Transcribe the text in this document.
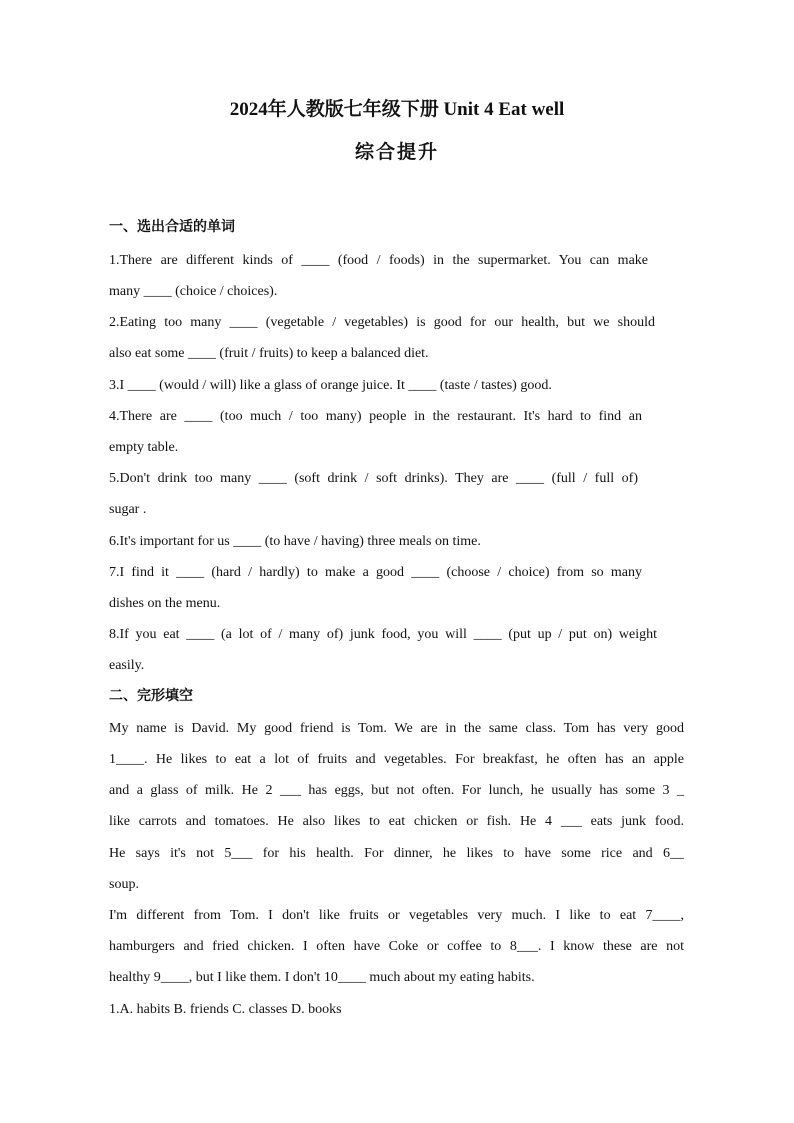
2024年人教版七年级下册 Unit 4 Eat well
综合提升
一、选出合适的单词
1.There are different kinds of ____ (food / foods) in the supermarket. You can make
many ____ (choice / choices).
2.Eating too many ____ (vegetable / vegetables) is good for our health, but we should
also eat some ____ (fruit / fruits) to keep a balanced diet.
3.I ____ (would / will) like a glass of orange juice. It ____ (taste / tastes) good.
4.There are ____ (too much / too many) people in the restaurant. It's hard to find an
empty table.
5.Don't drink too many ____ (soft drink / soft drinks). They are ____ (full / full of)
sugar .
6.It's important for us ____ (to have / having) three meals on time.
7.I find it ____ (hard / hardly) to make a good ____ (choose / choice) from so many
dishes on the menu.
8.If you eat ____ (a lot of / many of) junk food, you will ____ (put up / put on) weight
easily.
二、完形填空
My name is David. My good friend is Tom. We are in the same class. Tom has very good
1____. He likes to eat a lot of fruits and vegetables. For breakfast, he often has an apple
and a glass of milk. He 2 ___ has eggs, but not often. For lunch, he usually has some 3 _
like carrots and tomatoes. He also likes to eat chicken or fish. He 4 ___ eats junk food.
He says it's not 5___ for his health. For dinner, he likes to have some rice and 6__
soup.
I'm different from Tom. I don't like fruits or vegetables very much. I like to eat 7____,
hamburgers and fried chicken. I often have Coke or coffee to 8___. I know these are not
healthy 9____, but I like them. I don't 10____ much about my eating habits.
1.A. habits B. friends C. classes D. books
